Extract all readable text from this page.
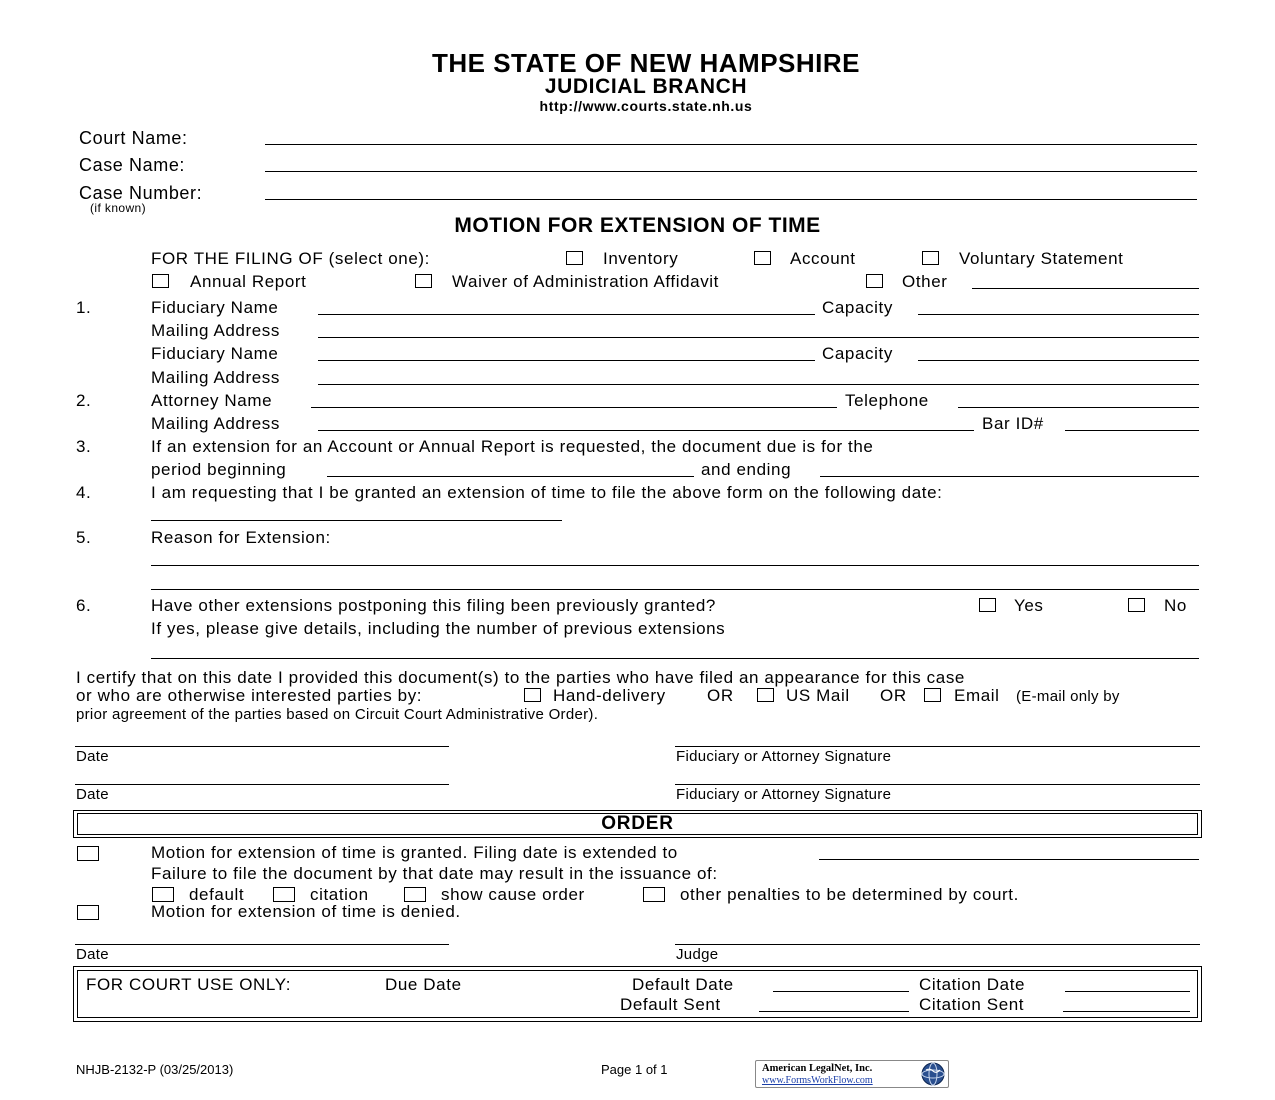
THE STATE OF NEW HAMPSHIRE
JUDICIAL BRANCH
http://www.courts.state.nh.us
Court Name:
Case Name:
Case Number:
(if known)
MOTION FOR EXTENSION OF TIME
FOR THE FILING OF (select one):	Inventory	Account	Voluntary Statement
Annual Report	Waiver of Administration Affidavit	Other
1.	Fiduciary Name	Capacity
Mailing Address
Fiduciary Name	Capacity
Mailing Address
2.	Attorney Name	Telephone
Mailing Address	Bar ID#
3.	If an extension for an Account or Annual Report is requested, the document due is for the
period beginning	and ending
4.	I am requesting that I be granted an extension of time to file the above form on the following date:
5.	Reason for Extension:
6.	Have other extensions postponing this filing been previously granted?	Yes	No
If yes, please give details, including the number of previous extensions
I certify that on this date I provided this document(s) to the parties who have filed an appearance for this case
or who are otherwise interested parties by:	Hand-delivery OR	US Mail OR	Email (E-mail only by
prior agreement of the parties based on Circuit Court Administrative Order).
Date	Fiduciary or Attorney Signature
Date	Fiduciary or Attorney Signature
ORDER
Motion for extension of time is granted. Filing date is extended to
Failure to file the document by that date may result in the issuance of:
default	citation	show cause order	other penalties to be determined by court.
Motion for extension of time is denied.
Date	Judge
FOR COURT USE ONLY:	Due Date	Default Date	Citation Date
Default Sent	Citation Sent
NHJB-2132-P (03/25/2013)	Page 1 of 1	American LegalNet, Inc.
www.FormsWorkFlow.com
